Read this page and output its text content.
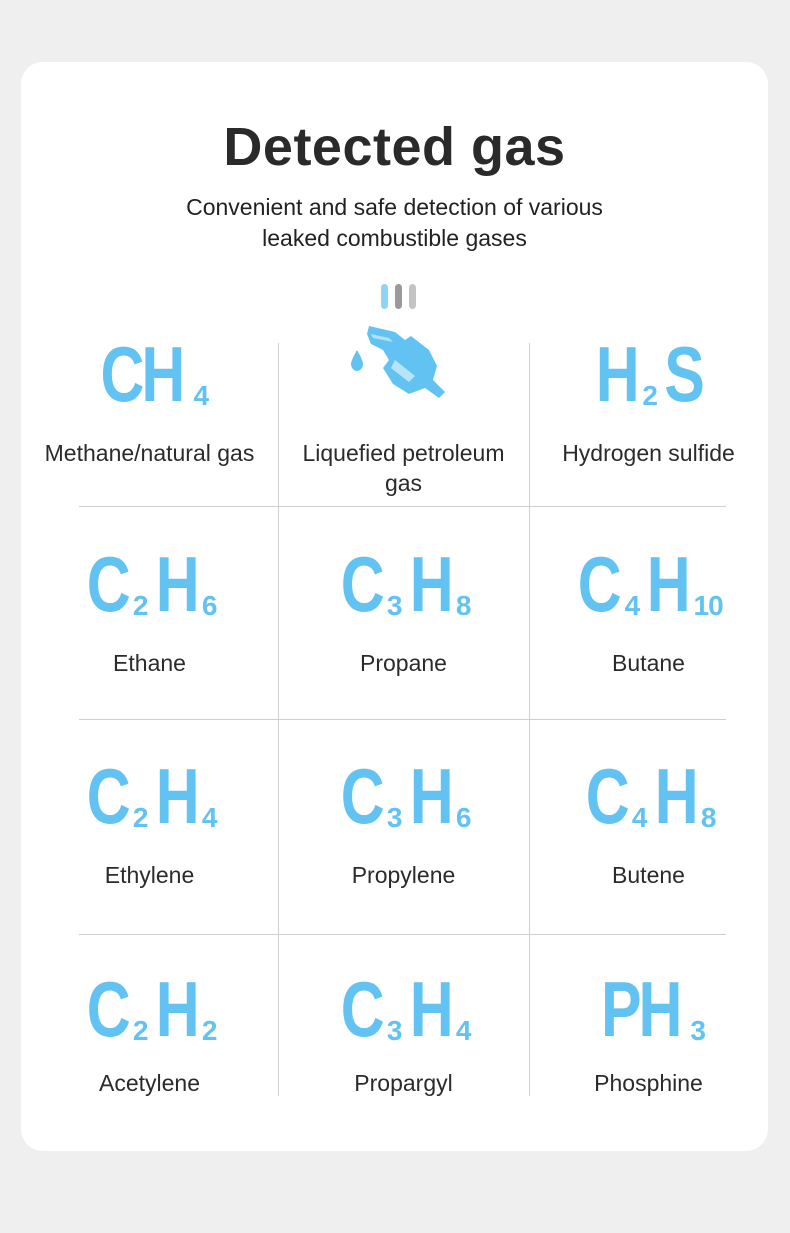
Detected gas
Convenient and safe detection of various
leaked combustible gases
CH 4
Methane/natural gas	Liquefied petroleum
gas
H 2 S
Hydrogen sulfide
C 2 H 6
Ethane
C 3 H 8
Propane
C 4 H 10
Butane
C 2 H 4
Ethylene
C 3 H 6
Propylene
C 4 H 8
Butene
C 2 H 2
Acetylene
C 3 H 4
Propargyl
PH 3
Phosphine
